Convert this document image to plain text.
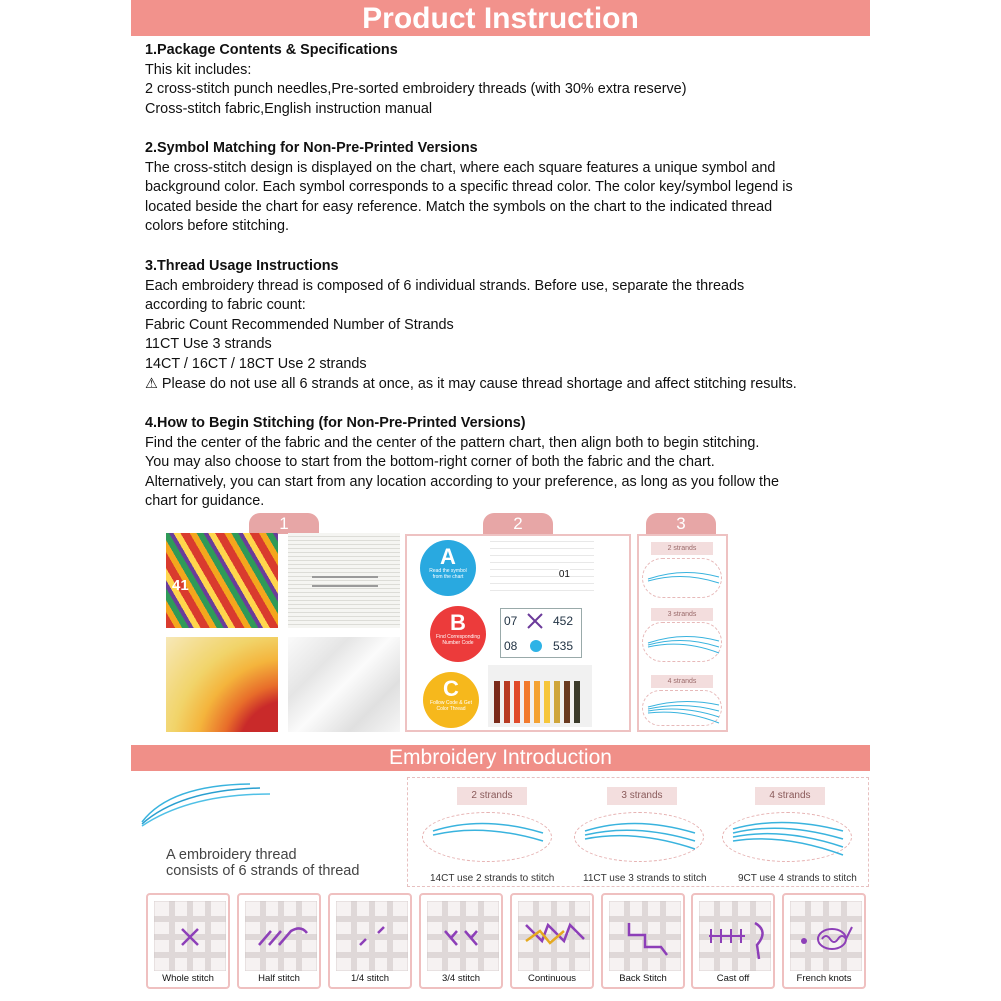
Product Instruction
1.Package Contents & Specifications
This kit includes:
2 cross-stitch punch needles,Pre-sorted embroidery threads (with 30% extra reserve)
Cross-stitch fabric,English instruction manual
2.Symbol Matching for Non-Pre-Printed Versions
The cross-stitch design is displayed on the chart, where each square features a unique symbol and
background color. Each symbol corresponds to a specific thread color. The color key/symbol legend is
located beside the chart for easy reference. Match the symbols on the chart to the indicated thread
colors before stitching.
3.Thread Usage Instructions
Each embroidery thread is composed of 6 individual strands. Before use, separate the threads
according to fabric count:
Fabric Count Recommended Number of Strands
11CT Use 3 strands
14CT / 16CT / 18CT Use 2 strands
⚠ Please do not use all 6 strands at once, as it may cause thread shortage and affect stitching results.
4.How to Begin Stitching (for Non-Pre-Printed Versions)
Find the center of the fabric and the center of the pattern chart, then align both to begin stitching.
You may also choose to start from the bottom-right corner of both the fabric and the chart.
Alternatively, you can start from any location according to your preference, as long as you follow the
chart for guidance.
1	2	3
41
A
Read the symbol from the chart
B
Find Corresponding Number Code
C
Follow Code & Get Color Thread
01
07	452
08	535
2 strands
3 strands
4 strands
Embroidery Introduction
A embroidery thread
consists of 6 strands of thread
2 strands
14CT use 2 strands to stitch
3 strands
11CT use 3 strands to stitch
4 strands
9CT use 4 strands to stitch
Whole stitch	Half stitch	1/4 stitch	3/4 stitch	Continuous	Back Stitch	Cast off	French knots
